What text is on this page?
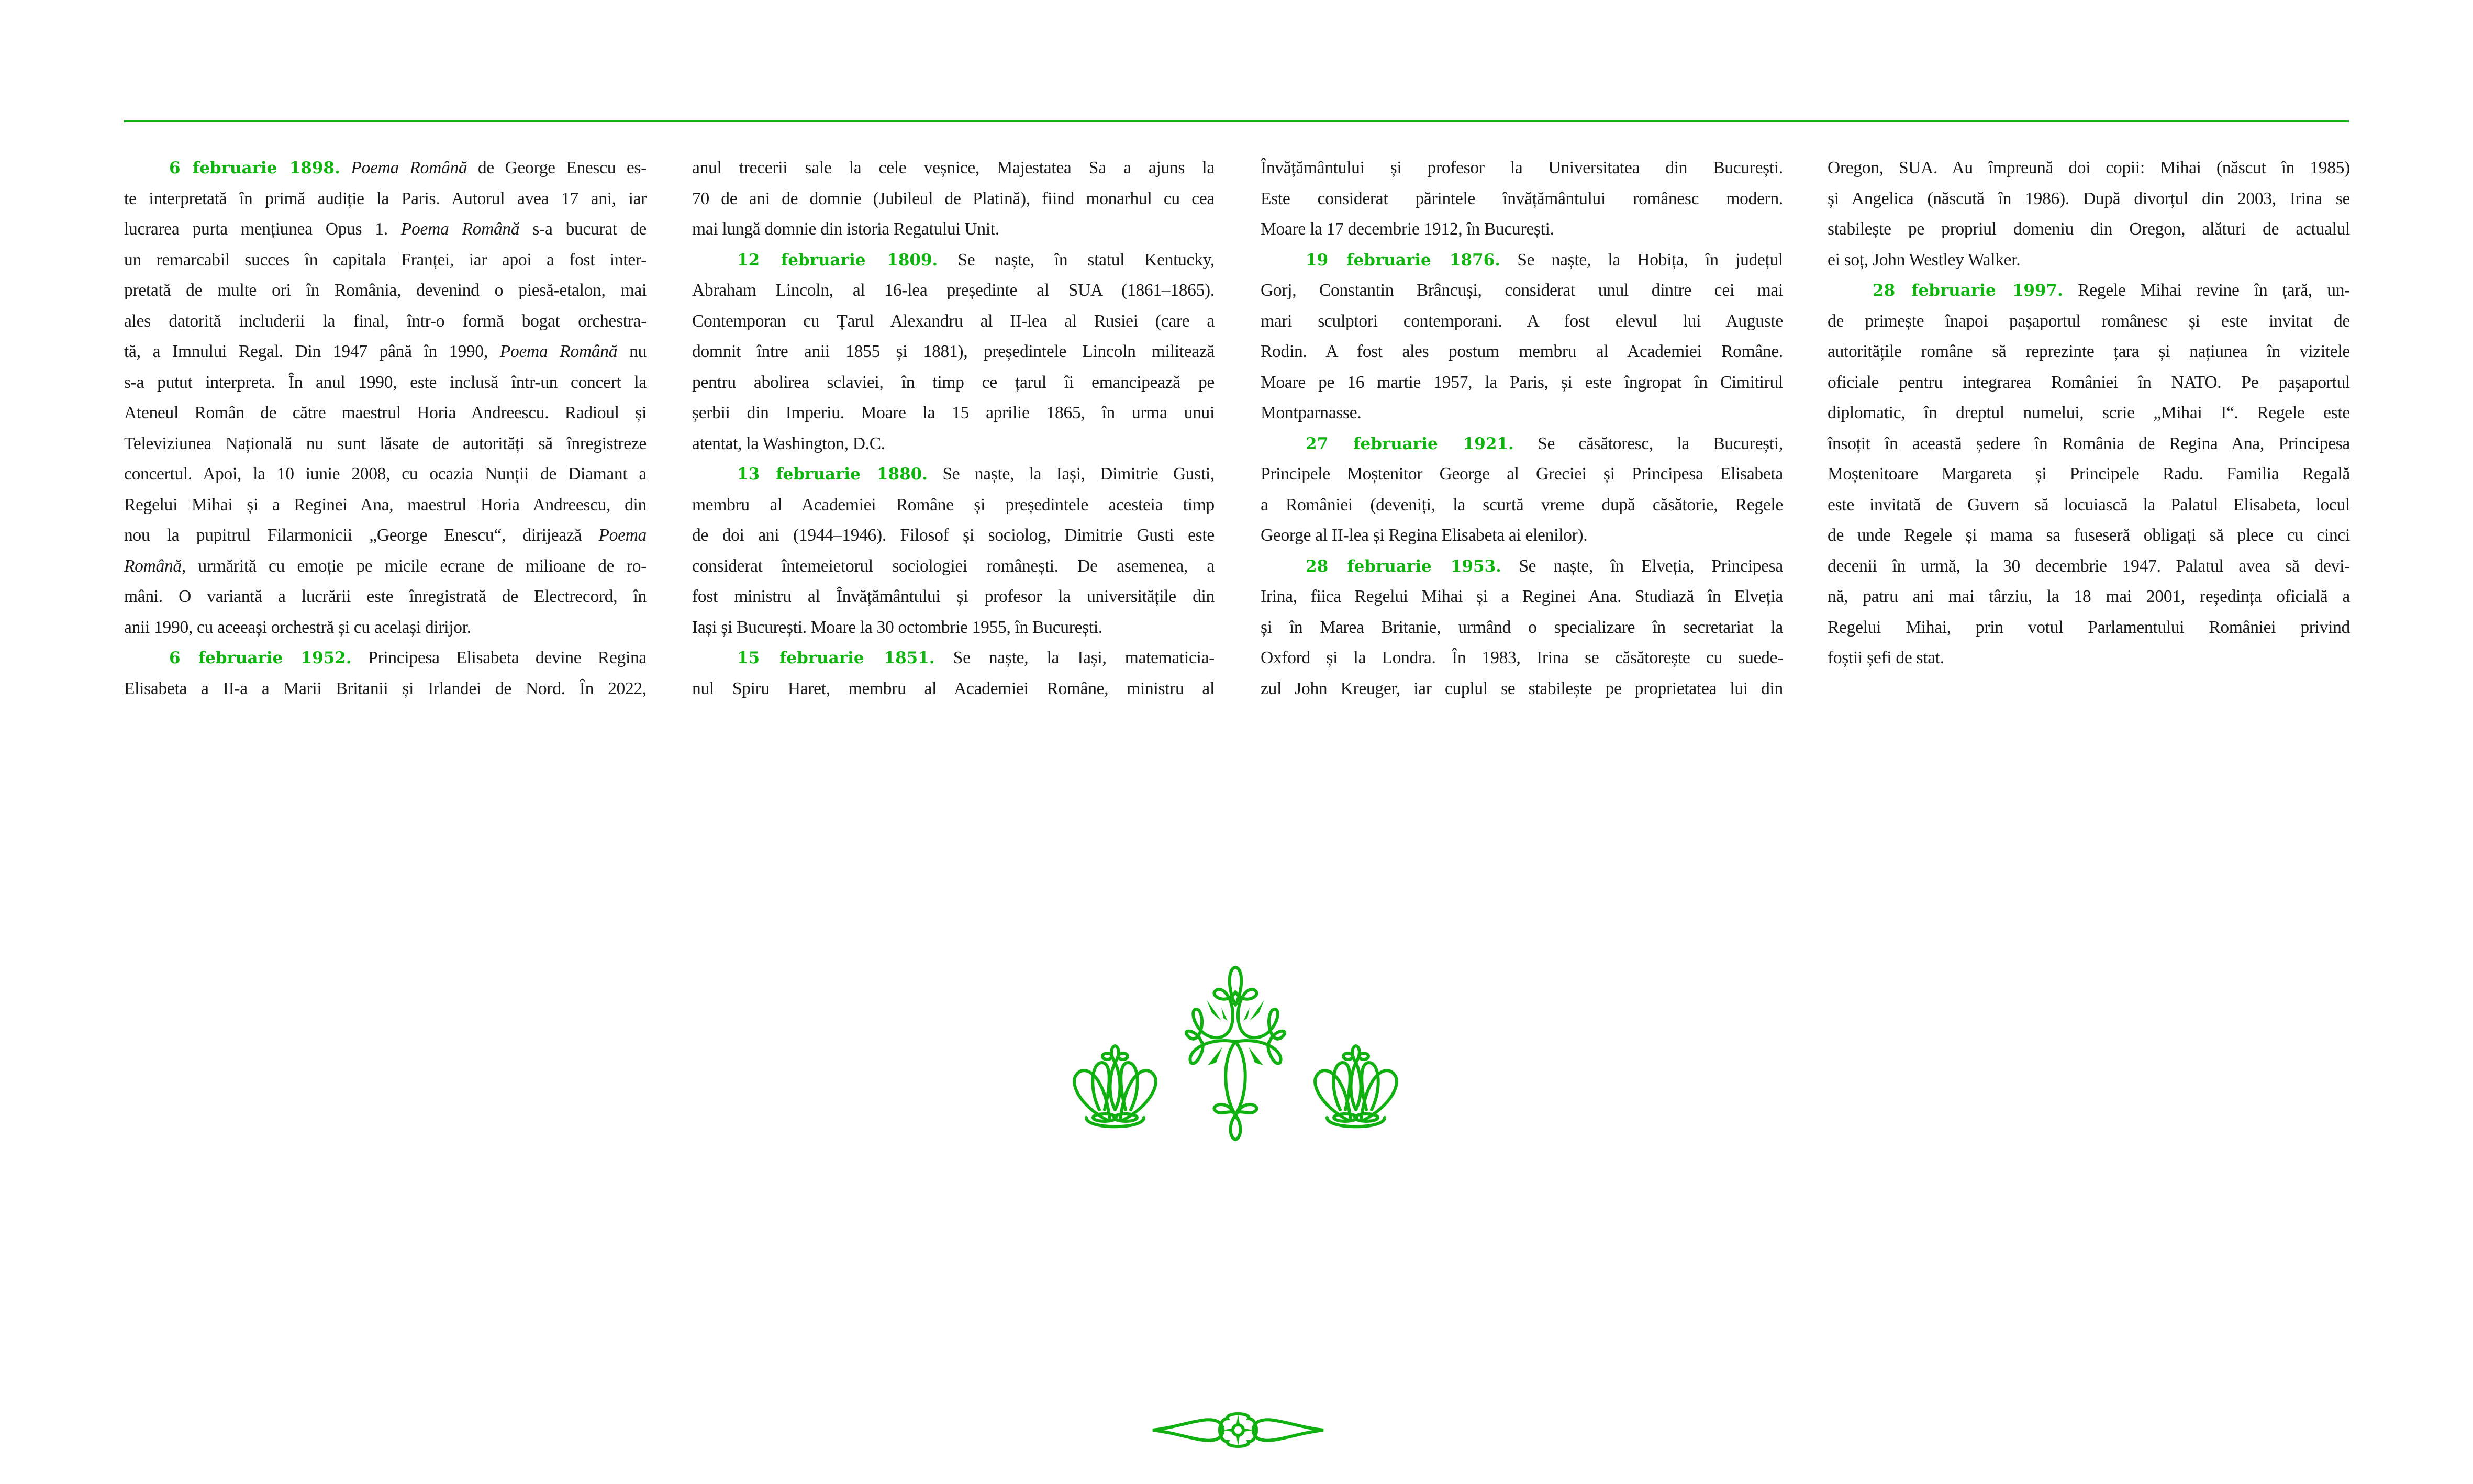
6 februarie 1898. Poema Română de George Enescu es-
te interpretată în primă audiție la Paris. Autorul avea 17 ani, iar
lucrarea purta mențiunea Opus 1. Poema Română s-a bucurat de
un remarcabil succes în capitala Franței, iar apoi a fost inter-
pretată de multe ori în România, devenind o piesă-etalon, mai
ales datorită includerii la final, într-o formă bogat orchestra-
tă, a Imnului Regal. Din 1947 până în 1990, Poema Română nu
s-a putut interpreta. În anul 1990, este inclusă într-un concert la
Ateneul Român de către maestrul Horia Andreescu. Radioul și
Televiziunea Națională nu sunt lăsate de autorități să înregistreze
concertul. Apoi, la 10 iunie 2008, cu ocazia Nunții de Diamant a
Regelui Mihai și a Reginei Ana, maestrul Horia Andreescu, din
nou la pupitrul Filarmonicii „George Enescu“, dirijează Poema
Română, urmărită cu emoție pe micile ecrane de milioane de ro-
mâni. O variantă a lucrării este înregistrată de Electrecord, în
anii 1990, cu aceeași orchestră și cu același dirijor.
6 februarie 1952. Principesa Elisabeta devine Regina
Elisabeta a II-a a Marii Britanii și Irlandei de Nord. În 2022,
anul trecerii sale la cele veșnice, Majestatea Sa a ajuns la
70 de ani de domnie (Jubileul de Platină), fiind monarhul cu cea
mai lungă domnie din istoria Regatului Unit.
12 februarie 1809. Se naște, în statul Kentucky,
Abraham Lincoln, al 16-lea președinte al SUA (1861–1865).
Contemporan cu Țarul Alexandru al II-lea al Rusiei (care a
domnit între anii 1855 și 1881), președintele Lincoln militează
pentru abolirea sclaviei, în timp ce țarul îi emancipează pe
șerbii din Imperiu. Moare la 15 aprilie 1865, în urma unui
atentat, la Washington, D.C.
13 februarie 1880. Se naște, la Iași, Dimitrie Gusti,
membru al Academiei Române și președintele acesteia timp
de doi ani (1944–1946). Filosof și sociolog, Dimitrie Gusti este
considerat întemeietorul sociologiei românești. De asemenea, a
fost ministru al Învățământului și profesor la universitățile din
Iași și București. Moare la 30 octombrie 1955, în București.
15 februarie 1851. Se naște, la Iași, matematicia-
nul Spiru Haret, membru al Academiei Române, ministru al
Învățământului și profesor la Universitatea din București.
Este considerat părintele învățământului românesc modern.
Moare la 17 decembrie 1912, în București.
19 februarie 1876. Se naște, la Hobița, în județul
Gorj, Constantin Brâncuși, considerat unul dintre cei mai
mari sculptori contemporani. A fost elevul lui Auguste
Rodin. A fost ales postum membru al Academiei Române.
Moare pe 16 martie 1957, la Paris, și este îngropat în Cimitirul
Montparnasse.
27 februarie 1921. Se căsătoresc, la București,
Principele Moștenitor George al Greciei și Principesa Elisabeta
a României (deveniți, la scurtă vreme după căsătorie, Regele
George al II-lea și Regina Elisabeta ai elenilor).
28 februarie 1953. Se naște, în Elveția, Principesa
Irina, fiica Regelui Mihai și a Reginei Ana. Studiază în Elveția
și în Marea Britanie, urmând o specializare în secretariat la
Oxford și la Londra. În 1983, Irina se căsătorește cu suede-
zul John Kreuger, iar cuplul se stabilește pe proprietatea lui din
Oregon, SUA. Au împreună doi copii: Mihai (născut în 1985)
și Angelica (născută în 1986). După divorțul din 2003, Irina se
stabilește pe propriul domeniu din Oregon, alături de actualul
ei soț, John Westley Walker.
28 februarie 1997. Regele Mihai revine în țară, un-
de primește înapoi pașaportul românesc și este invitat de
autoritățile române să reprezinte țara și națiunea în vizitele
oficiale pentru integrarea României în NATO. Pe pașaportul
diplomatic, în dreptul numelui, scrie „Mihai I“. Regele este
însoțit în această ședere în România de Regina Ana, Principesa
Moștenitoare Margareta și Principele Radu. Familia Regală
este invitată de Guvern să locuiască la Palatul Elisabeta, locul
de unde Regele și mama sa fuseseră obligați să plece cu cinci
decenii în urmă, la 30 decembrie 1947. Palatul avea să devi-
nă, patru ani mai târziu, la 18 mai 2001, reședința oficială a
Regelui Mihai, prin votul Parlamentului României privind
foștii șefi de stat.
